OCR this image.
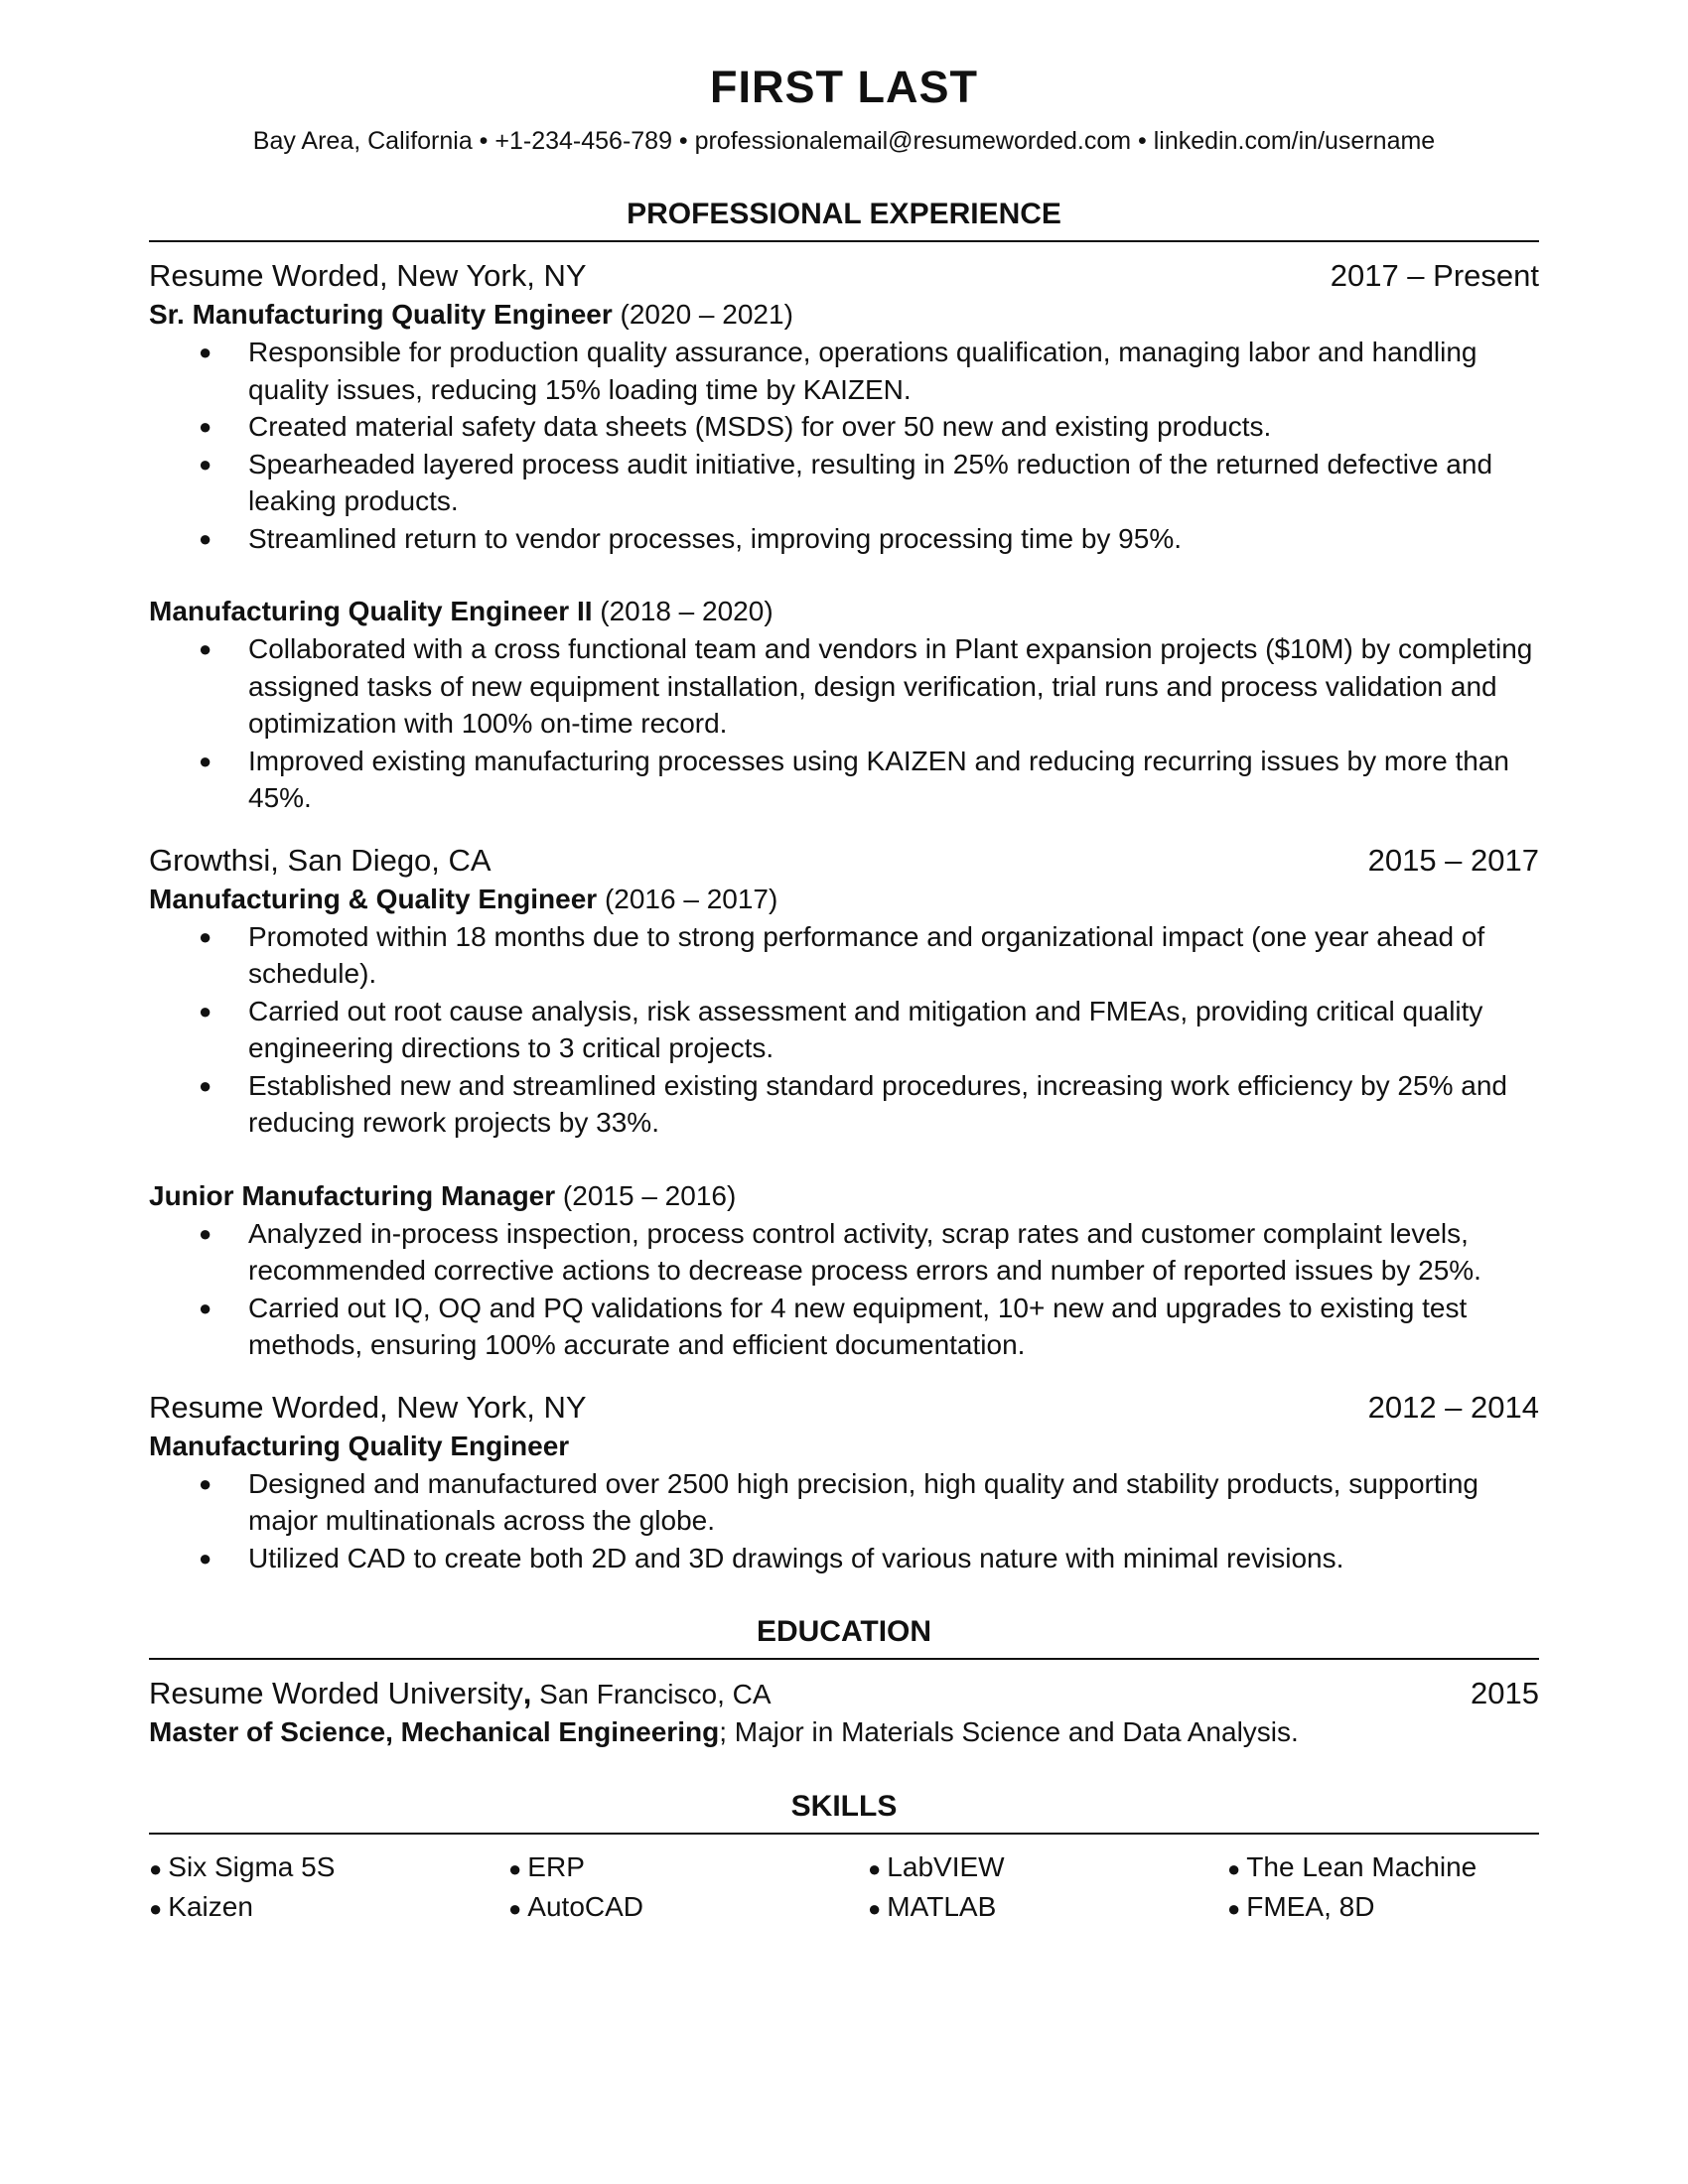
FIRST LAST
Bay Area, California • +1-234-456-789 • professionalemail@resumeworded.com • linkedin.com/in/username
PROFESSIONAL EXPERIENCE
Resume Worded, New York, NY	2017 – Present
Sr. Manufacturing Quality Engineer (2020 – 2021)
● Responsible for production quality assurance, operations qualification, managing labor and handling quality issues, reducing 15% loading time by KAIZEN.
● Created material safety data sheets (MSDS) for over 50 new and existing products.
● Spearheaded layered process audit initiative, resulting in 25% reduction of the returned defective and leaking products.
● Streamlined return to vendor processes, improving processing time by 95%.
Manufacturing Quality Engineer II (2018 – 2020)
● Collaborated with a cross functional team and vendors in Plant expansion projects ($10M) by completing assigned tasks of new equipment installation, design verification, trial runs and process validation and optimization with 100% on-time record.
● Improved existing manufacturing processes using KAIZEN and reducing recurring issues by more than 45%.
Growthsi, San Diego, CA	2015 – 2017
Manufacturing & Quality Engineer (2016 – 2017)
● Promoted within 18 months due to strong performance and organizational impact (one year ahead of schedule).
● Carried out root cause analysis, risk assessment and mitigation and FMEAs, providing critical quality engineering directions to 3 critical projects.
● Established new and streamlined existing standard procedures, increasing work efficiency by 25% and reducing rework projects by 33%.
Junior Manufacturing Manager (2015 – 2016)
● Analyzed in-process inspection, process control activity, scrap rates and customer complaint levels, recommended corrective actions to decrease process errors and number of reported issues by 25%.
● Carried out IQ, OQ and PQ validations for 4 new equipment, 10+ new and upgrades to existing test methods, ensuring 100% accurate and efficient documentation.
Resume Worded, New York, NY	2012 – 2014
Manufacturing Quality Engineer
● Designed and manufactured over 2500 high precision, high quality and stability products, supporting major multinationals across the globe.
● Utilized CAD to create both 2D and 3D drawings of various nature with minimal revisions.
EDUCATION
Resume Worded University, San Francisco, CA	2015
Master of Science, Mechanical Engineering; Major in Materials Science and Data Analysis.
SKILLS
● Six Sigma 5S	● ERP	● LabVIEW	● The Lean Machine
● Kaizen	● AutoCAD	● MATLAB	● FMEA, 8D
